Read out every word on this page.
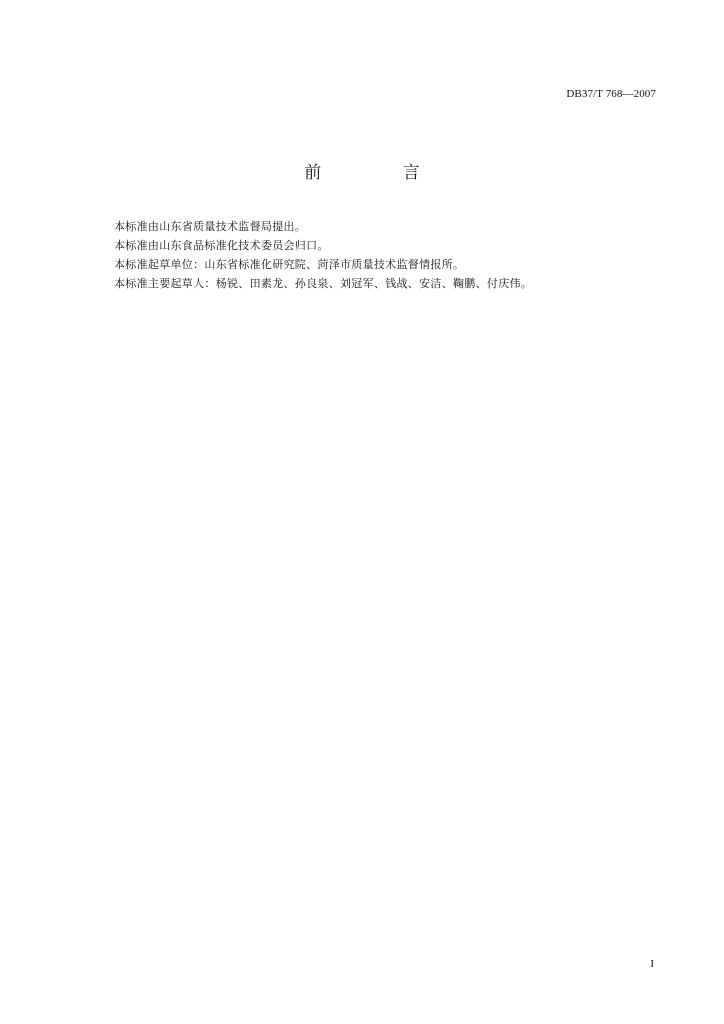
DB37/T 768—2007
前 言
本标准由山东省质量技术监督局提出。
本标准由山东食品标准化技术委员会归口。
本标准起草单位：山东省标准化研究院、菏泽市质量技术监督情报所。
本标准主要起草人：杨锐、田素龙、孙良泉、刘冠军、钱战、安洁、鞠鹏、付庆伟。
I
